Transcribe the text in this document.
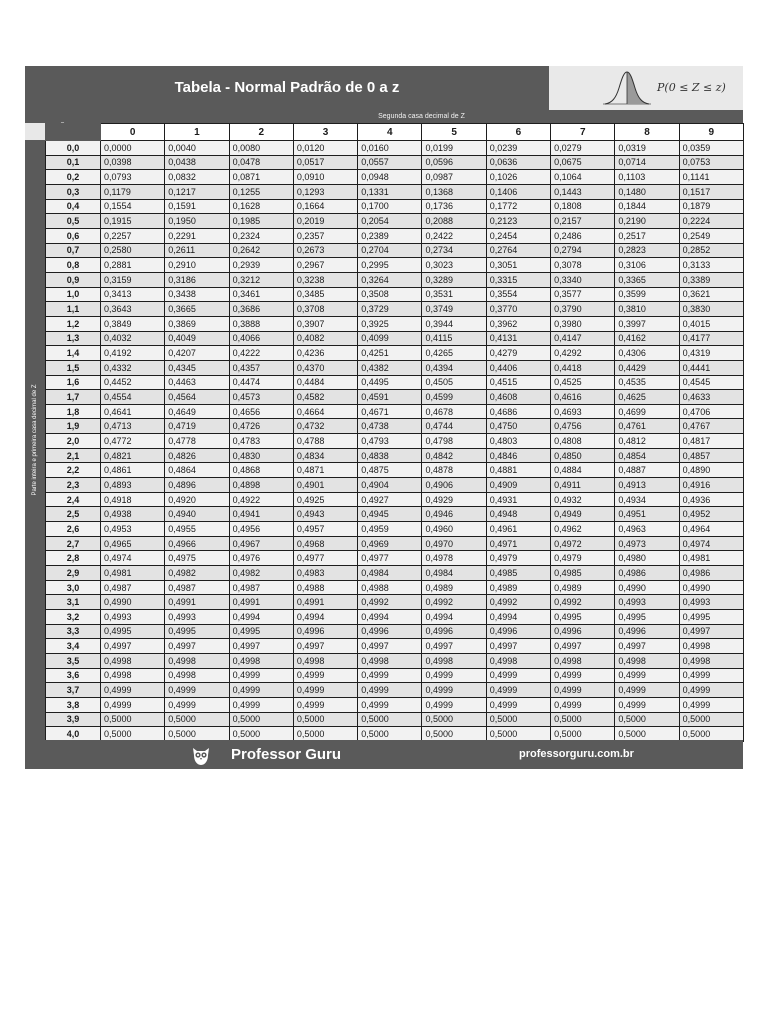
Tabela - Normal Padrão de 0 a z	P(0 ≤ Z ≤ z)
Segunda casa decimal de Z
Parte inteira e primeira casa decimal de Z
	0	1	2	3	4	5	6	7	8	9
0,0	0,0000	0,0040	0,0080	0,0120	0,0160	0,0199	0,0239	0,0279	0,0319	0,0359
0,1	0,0398	0,0438	0,0478	0,0517	0,0557	0,0596	0,0636	0,0675	0,0714	0,0753
0,2	0,0793	0,0832	0,0871	0,0910	0,0948	0,0987	0,1026	0,1064	0,1103	0,1141
0,3	0,1179	0,1217	0,1255	0,1293	0,1331	0,1368	0,1406	0,1443	0,1480	0,1517
0,4	0,1554	0,1591	0,1628	0,1664	0,1700	0,1736	0,1772	0,1808	0,1844	0,1879
0,5	0,1915	0,1950	0,1985	0,2019	0,2054	0,2088	0,2123	0,2157	0,2190	0,2224
0,6	0,2257	0,2291	0,2324	0,2357	0,2389	0,2422	0,2454	0,2486	0,2517	0,2549
0,7	0,2580	0,2611	0,2642	0,2673	0,2704	0,2734	0,2764	0,2794	0,2823	0,2852
0,8	0,2881	0,2910	0,2939	0,2967	0,2995	0,3023	0,3051	0,3078	0,3106	0,3133
0,9	0,3159	0,3186	0,3212	0,3238	0,3264	0,3289	0,3315	0,3340	0,3365	0,3389
1,0	0,3413	0,3438	0,3461	0,3485	0,3508	0,3531	0,3554	0,3577	0,3599	0,3621
1,1	0,3643	0,3665	0,3686	0,3708	0,3729	0,3749	0,3770	0,3790	0,3810	0,3830
1,2	0,3849	0,3869	0,3888	0,3907	0,3925	0,3944	0,3962	0,3980	0,3997	0,4015
1,3	0,4032	0,4049	0,4066	0,4082	0,4099	0,4115	0,4131	0,4147	0,4162	0,4177
1,4	0,4192	0,4207	0,4222	0,4236	0,4251	0,4265	0,4279	0,4292	0,4306	0,4319
1,5	0,4332	0,4345	0,4357	0,4370	0,4382	0,4394	0,4406	0,4418	0,4429	0,4441
1,6	0,4452	0,4463	0,4474	0,4484	0,4495	0,4505	0,4515	0,4525	0,4535	0,4545
1,7	0,4554	0,4564	0,4573	0,4582	0,4591	0,4599	0,4608	0,4616	0,4625	0,4633
1,8	0,4641	0,4649	0,4656	0,4664	0,4671	0,4678	0,4686	0,4693	0,4699	0,4706
1,9	0,4713	0,4719	0,4726	0,4732	0,4738	0,4744	0,4750	0,4756	0,4761	0,4767
2,0	0,4772	0,4778	0,4783	0,4788	0,4793	0,4798	0,4803	0,4808	0,4812	0,4817
2,1	0,4821	0,4826	0,4830	0,4834	0,4838	0,4842	0,4846	0,4850	0,4854	0,4857
2,2	0,4861	0,4864	0,4868	0,4871	0,4875	0,4878	0,4881	0,4884	0,4887	0,4890
2,3	0,4893	0,4896	0,4898	0,4901	0,4904	0,4906	0,4909	0,4911	0,4913	0,4916
2,4	0,4918	0,4920	0,4922	0,4925	0,4927	0,4929	0,4931	0,4932	0,4934	0,4936
2,5	0,4938	0,4940	0,4941	0,4943	0,4945	0,4946	0,4948	0,4949	0,4951	0,4952
2,6	0,4953	0,4955	0,4956	0,4957	0,4959	0,4960	0,4961	0,4962	0,4963	0,4964
2,7	0,4965	0,4966	0,4967	0,4968	0,4969	0,4970	0,4971	0,4972	0,4973	0,4974
2,8	0,4974	0,4975	0,4976	0,4977	0,4977	0,4978	0,4979	0,4979	0,4980	0,4981
2,9	0,4981	0,4982	0,4982	0,4983	0,4984	0,4984	0,4985	0,4985	0,4986	0,4986
3,0	0,4987	0,4987	0,4987	0,4988	0,4988	0,4989	0,4989	0,4989	0,4990	0,4990
3,1	0,4990	0,4991	0,4991	0,4991	0,4992	0,4992	0,4992	0,4992	0,4993	0,4993
3,2	0,4993	0,4993	0,4994	0,4994	0,4994	0,4994	0,4994	0,4995	0,4995	0,4995
3,3	0,4995	0,4995	0,4995	0,4996	0,4996	0,4996	0,4996	0,4996	0,4996	0,4997
3,4	0,4997	0,4997	0,4997	0,4997	0,4997	0,4997	0,4997	0,4997	0,4997	0,4998
3,5	0,4998	0,4998	0,4998	0,4998	0,4998	0,4998	0,4998	0,4998	0,4998	0,4998
3,6	0,4998	0,4998	0,4999	0,4999	0,4999	0,4999	0,4999	0,4999	0,4999	0,4999
3,7	0,4999	0,4999	0,4999	0,4999	0,4999	0,4999	0,4999	0,4999	0,4999	0,4999
3,8	0,4999	0,4999	0,4999	0,4999	0,4999	0,4999	0,4999	0,4999	0,4999	0,4999
3,9	0,5000	0,5000	0,5000	0,5000	0,5000	0,5000	0,5000	0,5000	0,5000	0,5000
4,0	0,5000	0,5000	0,5000	0,5000	0,5000	0,5000	0,5000	0,5000	0,5000	0,5000
Professor Guru	professorguru.com.br
